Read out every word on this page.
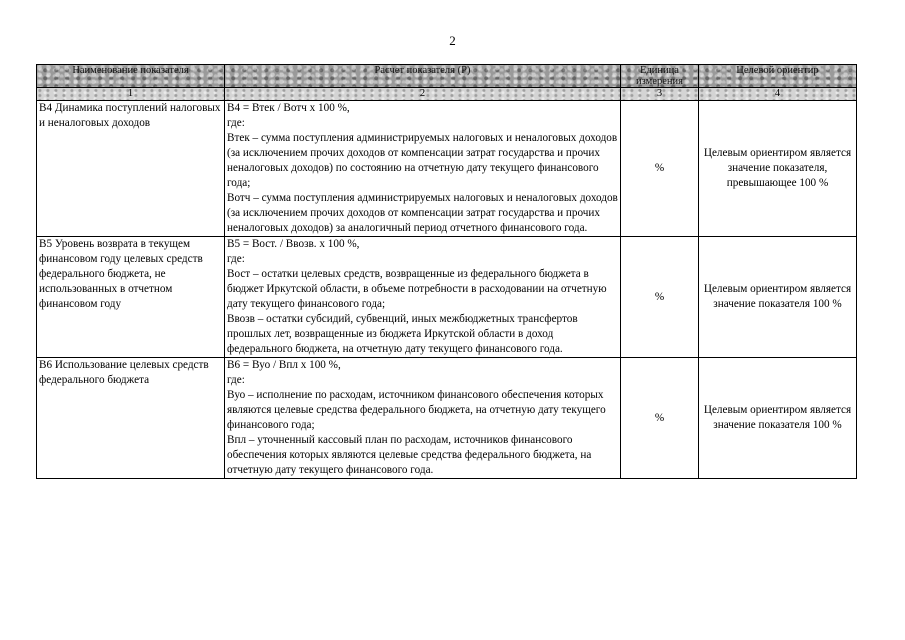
2
Наименование показателя	Расчет показателя (Р)	Единица измерения	Целевой ориентир
1	2	3	4
В4 Динамика поступлений налоговых и неналоговых доходов	В4 = Втек / Вотч х 100 %,
где:
Втек – сумма поступления администрируемых налоговых и неналоговых доходов (за исключением прочих доходов от компенсации затрат государства и прочих неналоговых доходов) по состоянию на отчетную дату текущего финансового года;
Вотч – сумма поступления администрируемых налоговых и неналоговых доходов (за исключением прочих доходов от компенсации затрат государства и прочих неналоговых доходов) за аналогичный период отчетного финансового года.	%	Целевым ориентиром является значение показателя, превышающее 100 %
В5 Уровень возврата в текущем финансовом году целевых средств федерального бюджета, не использованных в отчетном финансовом году	В5 = Вост. / Ввозв. х 100 %,
где:
Вост – остатки целевых средств, возвращенные из федерального бюджета в бюджет Иркутской области, в объеме потребности в расходовании на отчетную дату текущего финансового года;
Ввозв – остатки субсидий, субвенций, иных межбюджетных трансфертов прошлых лет, возвращенные из бюджета Иркутской области в доход федерального бюджета, на отчетную дату текущего финансового года.	%	Целевым ориентиром является значение показателя 100 %
В6 Использование целевых средств федерального бюджета	В6 = Вуо / Впл х 100 %,
где:
Вуо – исполнение по расходам, источником финансового обеспечения которых являются целевые средства федерального бюджета, на отчетную дату текущего финансового года;
Впл – уточненный кассовый план по расходам, источников финансового обеспечения которых являются целевые средства федерального бюджета, на отчетную дату текущего финансового года.	%	Целевым ориентиром является значение показателя 100 %
